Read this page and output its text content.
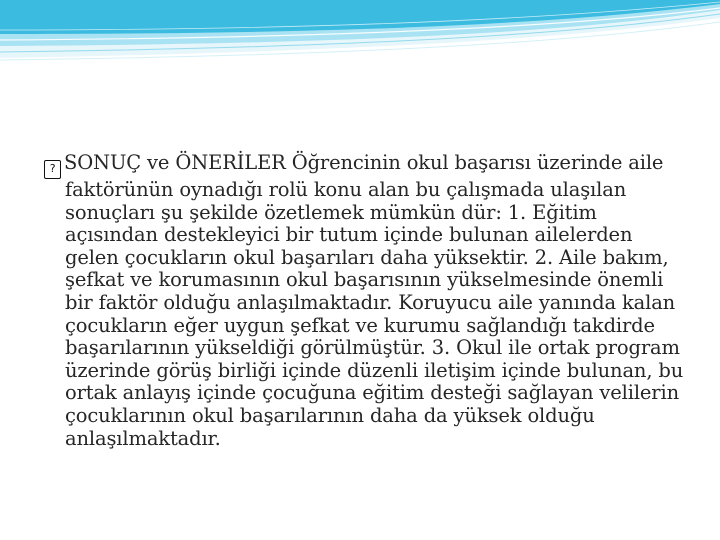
? SONUÇ ve ÖNERİLER Öğrencinin okul başarısı üzerinde aile faktörünün oynadığı rolü konu alan bu çalışmada ulaşılan sonuçları şu şekilde özetlemek mümkün dür: 1. Eğitim açısından destekleyici bir tutum içinde bulunan ailelerden gelen çocukların okul başarıları daha yüksektir. 2. Aile bakım, şefkat ve korumasının okul başarısının yükselmesinde önemli bir faktör olduğu anlaşılmaktadır. Koruyucu aile yanında kalan çocukların eğer uygun şefkat ve kurumu sağlandığı takdirde başarılarının yükseldiği görülmüştür. 3. Okul ile ortak program üzerinde görüş birliği içinde düzenli iletişim içinde bulunan, bu ortak anlayış içinde çocuğuna eğitim desteği sağlayan velilerin çocuklarının okul başarılarının daha da yüksek olduğu anlaşılmaktadır.
